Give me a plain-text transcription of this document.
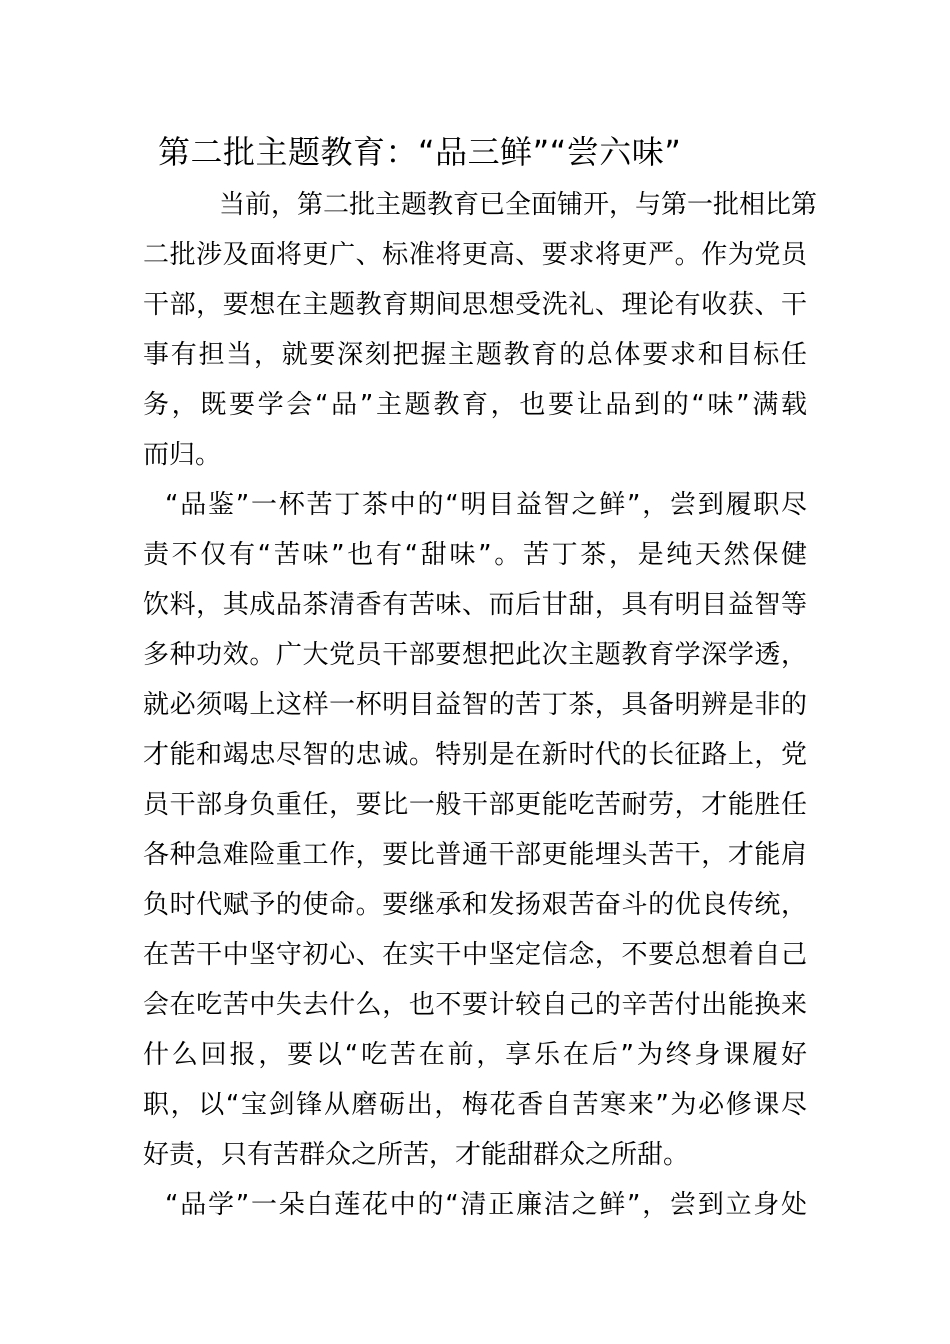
第二批主题教育：“品三鲜”“尝六味”
当前，第二批主题教育已全面铺开，与第一批相比第
二批涉及面将更广、标准将更高、要求将更严。作为党员
干部，要想在主题教育期间思想受洗礼、理论有收获、干
事有担当，就要深刻把握主题教育的总体要求和目标任
务，既要学会“品”主题教育，也要让品到的“味”满载
而归。
“品鉴”一杯苦丁茶中的“明目益智之鲜”，尝到履职尽
责不仅有“苦味”也有“甜味”。苦丁茶，是纯天然保健
饮料，其成品茶清香有苦味、而后甘甜，具有明目益智等
多种功效。广大党员干部要想把此次主题教育学深学透，
就必须喝上这样一杯明目益智的苦丁茶，具备明辨是非的
才能和竭忠尽智的忠诚。特别是在新时代的长征路上，党
员干部身负重任，要比一般干部更能吃苦耐劳，才能胜任
各种急难险重工作，要比普通干部更能埋头苦干，才能肩
负时代赋予的使命。要继承和发扬艰苦奋斗的优良传统，
在苦干中坚守初心、在实干中坚定信念，不要总想着自己
会在吃苦中失去什么，也不要计较自己的辛苦付出能换来
什么回报，要以“吃苦在前，享乐在后”为终身课履好
职，以“宝剑锋从磨砺出，梅花香自苦寒来”为必修课尽
好责，只有苦群众之所苦，才能甜群众之所甜。
“品学”一朵白莲花中的“清正廉洁之鲜”，尝到立身处
